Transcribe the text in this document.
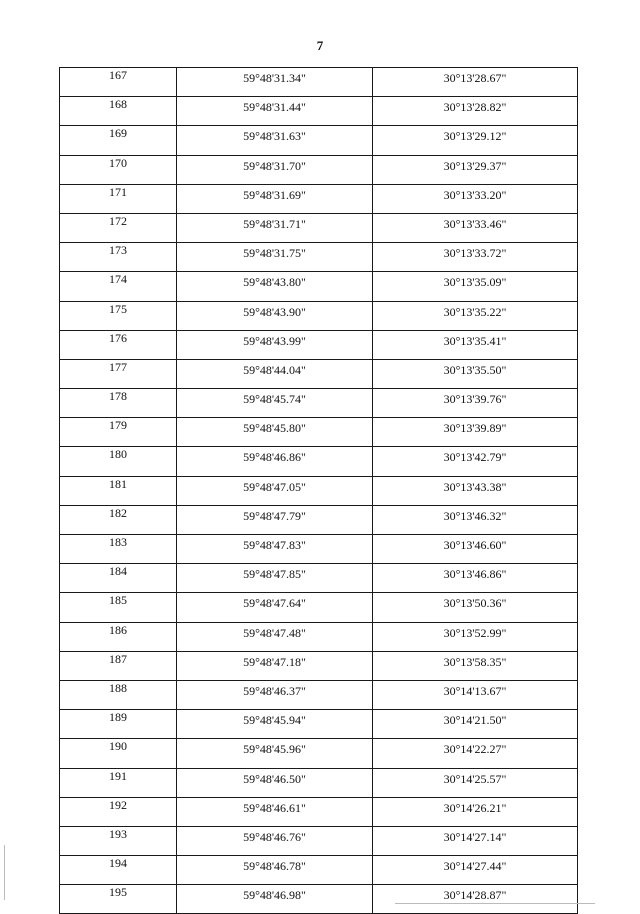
7
167	59°48'31.34"	30°13'28.67"
168	59°48'31.44"	30°13'28.82"
169	59°48'31.63"	30°13'29.12"
170	59°48'31.70"	30°13'29.37"
171	59°48'31.69"	30°13'33.20"
172	59°48'31.71"	30°13'33.46"
173	59°48'31.75"	30°13'33.72"
174	59°48'43.80"	30°13'35.09"
175	59°48'43.90"	30°13'35.22"
176	59°48'43.99"	30°13'35.41"
177	59°48'44.04"	30°13'35.50"
178	59°48'45.74"	30°13'39.76"
179	59°48'45.80"	30°13'39.89"
180	59°48'46.86"	30°13'42.79"
181	59°48'47.05"	30°13'43.38"
182	59°48'47.79"	30°13'46.32"
183	59°48'47.83"	30°13'46.60"
184	59°48'47.85"	30°13'46.86"
185	59°48'47.64"	30°13'50.36"
186	59°48'47.48"	30°13'52.99"
187	59°48'47.18"	30°13'58.35"
188	59°48'46.37"	30°14'13.67"
189	59°48'45.94"	30°14'21.50"
190	59°48'45.96"	30°14'22.27"
191	59°48'46.50"	30°14'25.57"
192	59°48'46.61"	30°14'26.21"
193	59°48'46.76"	30°14'27.14"
194	59°48'46.78"	30°14'27.44"
195	59°48'46.98"	30°14'28.87"
